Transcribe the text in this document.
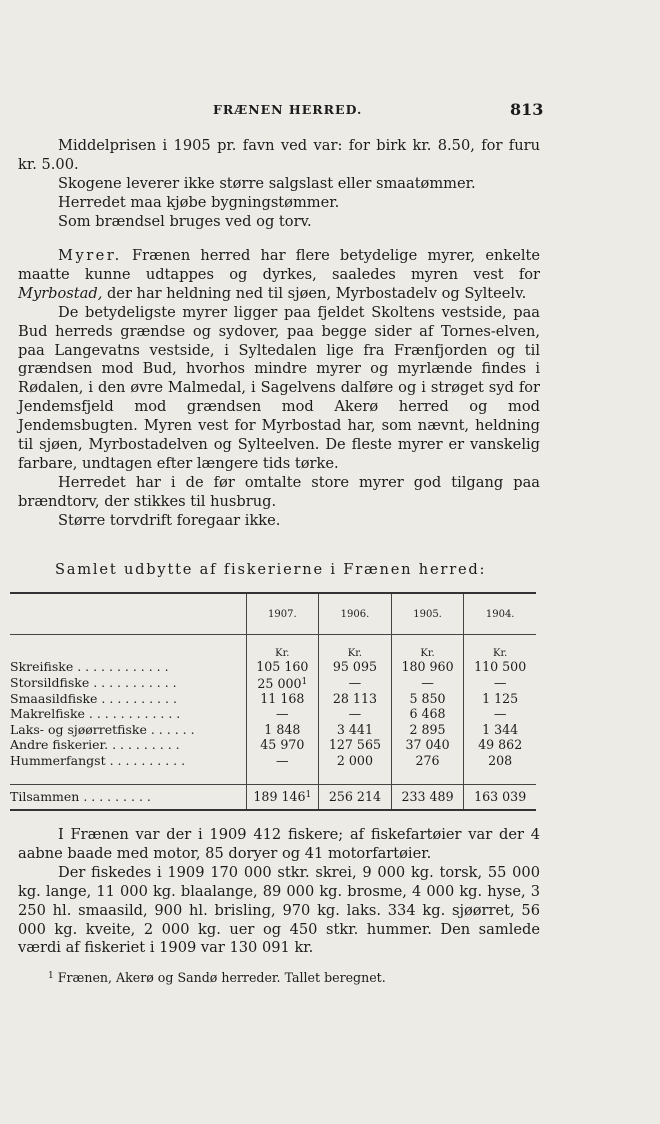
FRÆNEN HERRED.	813

Middelprisen i 1905 pr. favn ved var: for birk kr. 8.50, for furu kr. 5.00.

Skogene leverer ikke større salgslast eller smaatømmer.

Herredet maa kjøbe bygningstømmer.

Som brændsel bruges ved og torv.

Myrer. Frænen herred har flere betydelige myrer, enkelte maatte kunne udtappes og dyrkes, saaledes myren vest for Myrbostad, der har heldning ned til sjøen, Myrbostadelv og Sylteelv.

De betydeligste myrer ligger paa fjeldet Skoltens vestside, paa Bud herreds grændse og sydover, paa begge sider af Tornes-elven, paa Langevatns vestside, i Syltedalen lige fra Frænfjorden og til grændsen mod Bud, hvorhos mindre myrer og myrlænde findes i Rødalen, i den øvre Malmedal, i Sagelvens dalføre og i strøget syd for Jendemsfjeld mod grændsen mod Akerø herred og mod Jendemsbugten. Myren vest for Myrbostad har, som nævnt, heldning til sjøen, Myrbostadelven og Sylteelven. De fleste myrer er vanskelig farbare, undtagen efter længere tids tørke.

Herredet har i de før omtalte store myrer god tilgang paa brændtorv, der stikkes til husbrug.

Større torvdrift foregaar ikke.

Samlet udbytte af fiskerierne i Frænen herred:
	1907.	1906.	1905.	1904.
	Kr.	Kr.	Kr.	Kr.
Skreifiske . . . . . . . . . . . .	105 160	95 095	180 960	110 500
Storsildfiske . . . . . . . . . . .	25 000$^1$	—	—	—
Smaasildfiske . . . . . . . . . .	11 168	28 113	5 850	1 125
Makrelfiske . . . . . . . . . . . .	—	—	6 468	—
Laks- og sjøørretfiske . . . . . .	1 848	3 441	2 895	1 344
Andre fiskerier. . . . . . . . . .	45 970	127 565	37 040	49 862
Hummerfangst . . . . . . . . . .	—	2 000	276	208

Tilsammen . . . . . . . . .	189 146$^1$	256 214	233 489	163 039

I Frænen var der i 1909 412 fiskere; af fiskefartøier var der 4 aabne baade med motor, 85 doryer og 41 motorfartøier.

Der fiskedes i 1909 170 000 stkr. skrei, 9 000 kg. torsk, 55 000 kg. lange, 11 000 kg. blaalange, 89 000 kg. brosme, 4 000 kg. hyse, 3 250 hl. smaasild, 900 hl. brisling, 970 kg. laks. 334 kg. sjøørret, 56 000 kg. kveite, 2 000 kg. uer og 450 stkr. hummer. Den samlede værdi af fiskeriet i 1909 var 130 091 kr.

$^1$ Frænen, Akerø og Sandø herreder. Tallet beregnet.
